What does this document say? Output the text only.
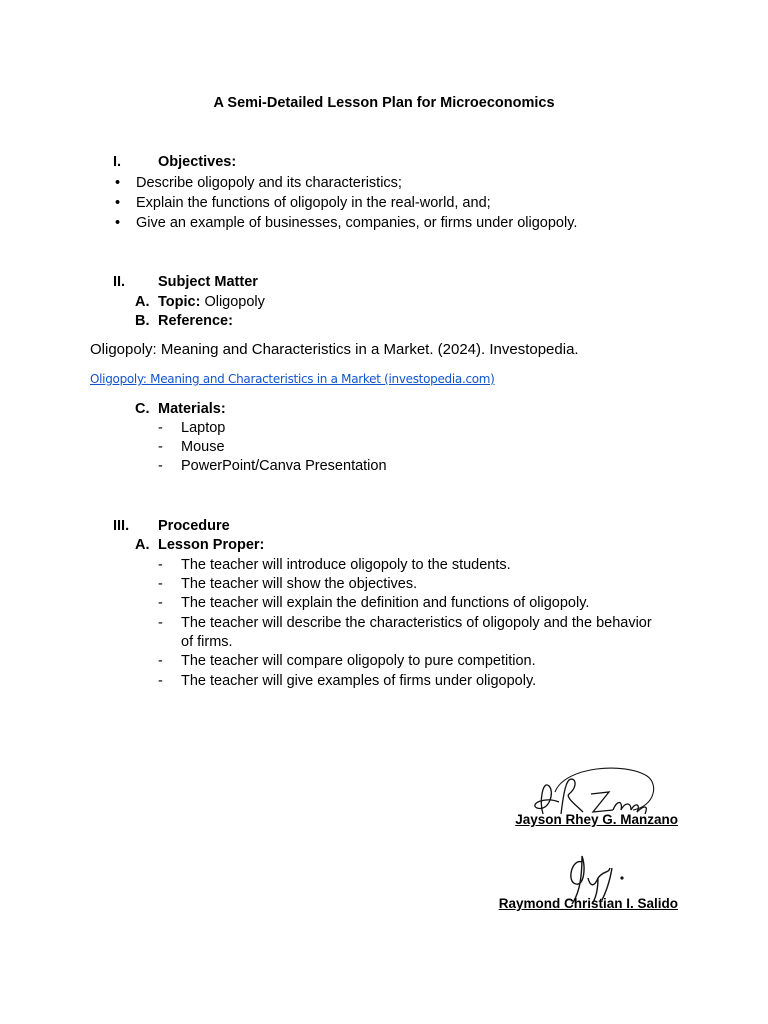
A Semi-Detailed Lesson Plan for Microeconomics
I.	Objectives:
• Describe oligopoly and its characteristics;
• Explain the functions of oligopoly in the real-world, and;
• Give an example of businesses, companies, or firms under oligopoly.
II. Subject Matter
A. Topic: Oligopoly
B. Reference:
Oligopoly: Meaning and Characteristics in a Market. (2024). Investopedia.
Oligopoly: Meaning and Characteristics in a Market (investopedia.com)
C. Materials:
- Laptop
- Mouse
- PowerPoint/Canva Presentation
III. Procedure
A. Lesson Proper:
- The teacher will introduce oligopoly to the students.
- The teacher will show the objectives.
- The teacher will explain the definition and functions of oligopoly.
- The teacher will describe the characteristics of oligopoly and the behavior
of firms.
- The teacher will compare oligopoly to pure competition.
- The teacher will give examples of firms under oligopoly.
Jayson Rhey G. Manzano
Raymond Christian I. Salido
